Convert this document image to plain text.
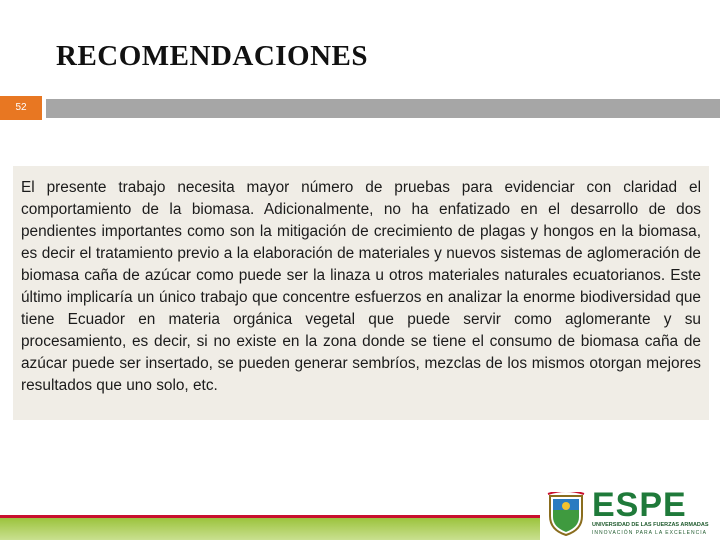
RECOMENDACIONES
52

El presente trabajo necesita mayor número de pruebas para evidenciar con claridad el comportamiento de la biomasa. Adicionalmente, no ha enfatizado en el desarrollo de dos pendientes importantes como son la mitigación de crecimiento de plagas y hongos en la biomasa, es decir el tratamiento previo a la elaboración de materiales y nuevos sistemas de aglomeración de biomasa caña de azúcar como puede ser la linaza u otros materiales naturales ecuatorianos. Este último implicaría un único trabajo que concentre esfuerzos en analizar la enorme biodiversidad que tiene Ecuador en materia orgánica vegetal que puede servir como aglomerante y su procesamiento, es decir, si no existe en la zona donde se tiene el consumo de biomasa caña de azúcar puede ser insertado, se pueden generar sembríos, mezclas de los mismos otorgan mejores resultados que uno solo, etc.

ESPE
UNIVERSIDAD DE LAS FUERZAS ARMADAS
INNOVACIÓN PARA LA EXCELENCIA
